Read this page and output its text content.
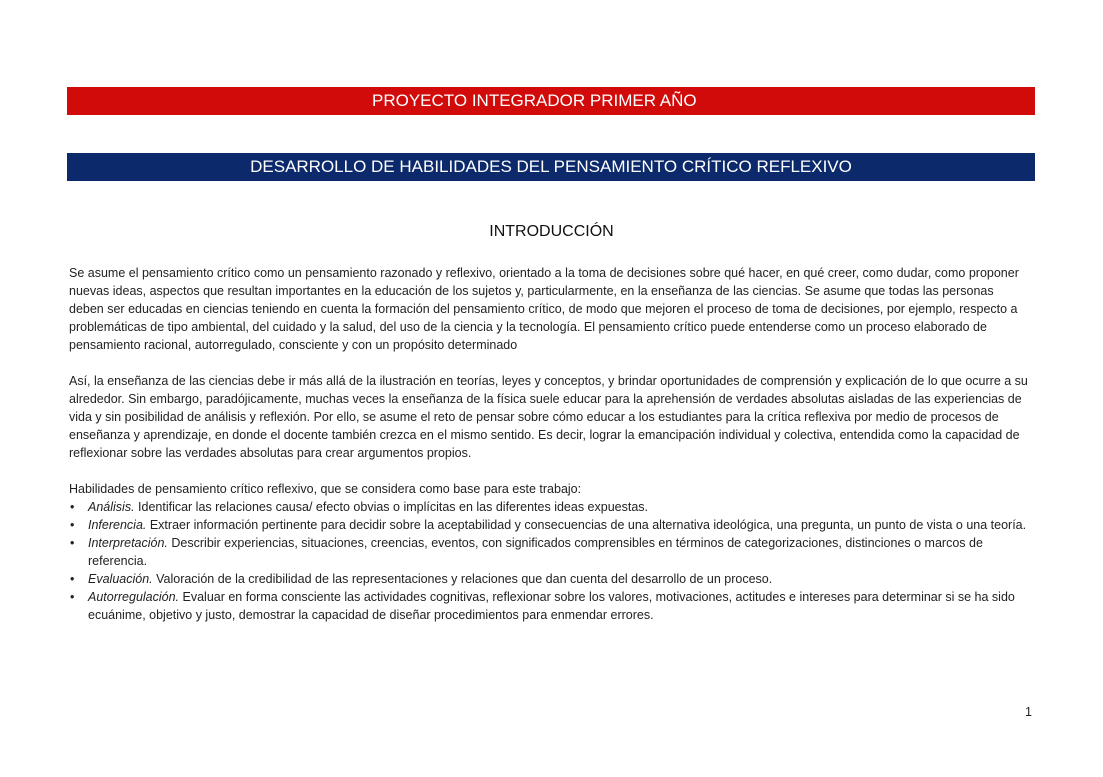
PROYECTO INTEGRADOR PRIMER AÑO
DESARROLLO DE HABILIDADES DEL PENSAMIENTO CRÍTICO REFLEXIVO
INTRODUCCIÓN

Se asume el pensamiento crítico como un pensamiento razonado y reflexivo, orientado a la toma de decisiones sobre qué hacer, en qué creer, como dudar, como proponer nuevas ideas, aspectos que resultan importantes en la educación de los sujetos y, particularmente, en la enseñanza de las ciencias. Se asume que todas las personas deben ser educadas en ciencias teniendo en cuenta la formación del pensamiento crítico, de modo que mejoren el proceso de toma de decisiones, por ejemplo, respecto a problemáticas de tipo ambiental, del cuidado y la salud, del uso de la ciencia y la tecnología. El pensamiento crítico puede entenderse como un proceso elaborado de pensamiento racional, autorregulado, consciente y con un propósito determinado

Así, la enseñanza de las ciencias debe ir más allá de la ilustración en teorías, leyes y conceptos, y brindar oportunidades de comprensión y explicación de lo que ocurre a su alrededor. Sin embargo, paradójicamente, muchas veces la enseñanza de la física suele educar para la aprehensión de verdades absolutas aisladas de las experiencias de vida y sin posibilidad de análisis y reflexión. Por ello, se asume el reto de pensar sobre cómo educar a los estudiantes para la crítica reflexiva por medio de procesos de enseñanza y aprendizaje, en donde el docente también crezca en el mismo sentido. Es decir, lograr la emancipación individual y colectiva, entendida como la capacidad de reflexionar sobre las verdades absolutas para crear argumentos propios.

Habilidades de pensamiento crítico reflexivo, que se considera como base para este trabajo:

• Análisis. Identificar las relaciones causa/ efecto obvias o implícitas en las diferentes ideas expuestas.
• Inferencia. Extraer información pertinente para decidir sobre la aceptabilidad y consecuencias de una alternativa ideológica, una pregunta, un punto de vista o una teoría.
• Interpretación. Describir experiencias, situaciones, creencias, eventos, con significados comprensibles en términos de categorizaciones, distinciones o marcos de referencia.
• Evaluación. Valoración de la credibilidad de las representaciones y relaciones que dan cuenta del desarrollo de un proceso.
• Autorregulación. Evaluar en forma consciente las actividades cognitivas, reflexionar sobre los valores, motivaciones, actitudes e intereses para determinar si se ha sido ecuánime, objetivo y justo, demostrar la capacidad de diseñar procedimientos para enmendar errores.
1
